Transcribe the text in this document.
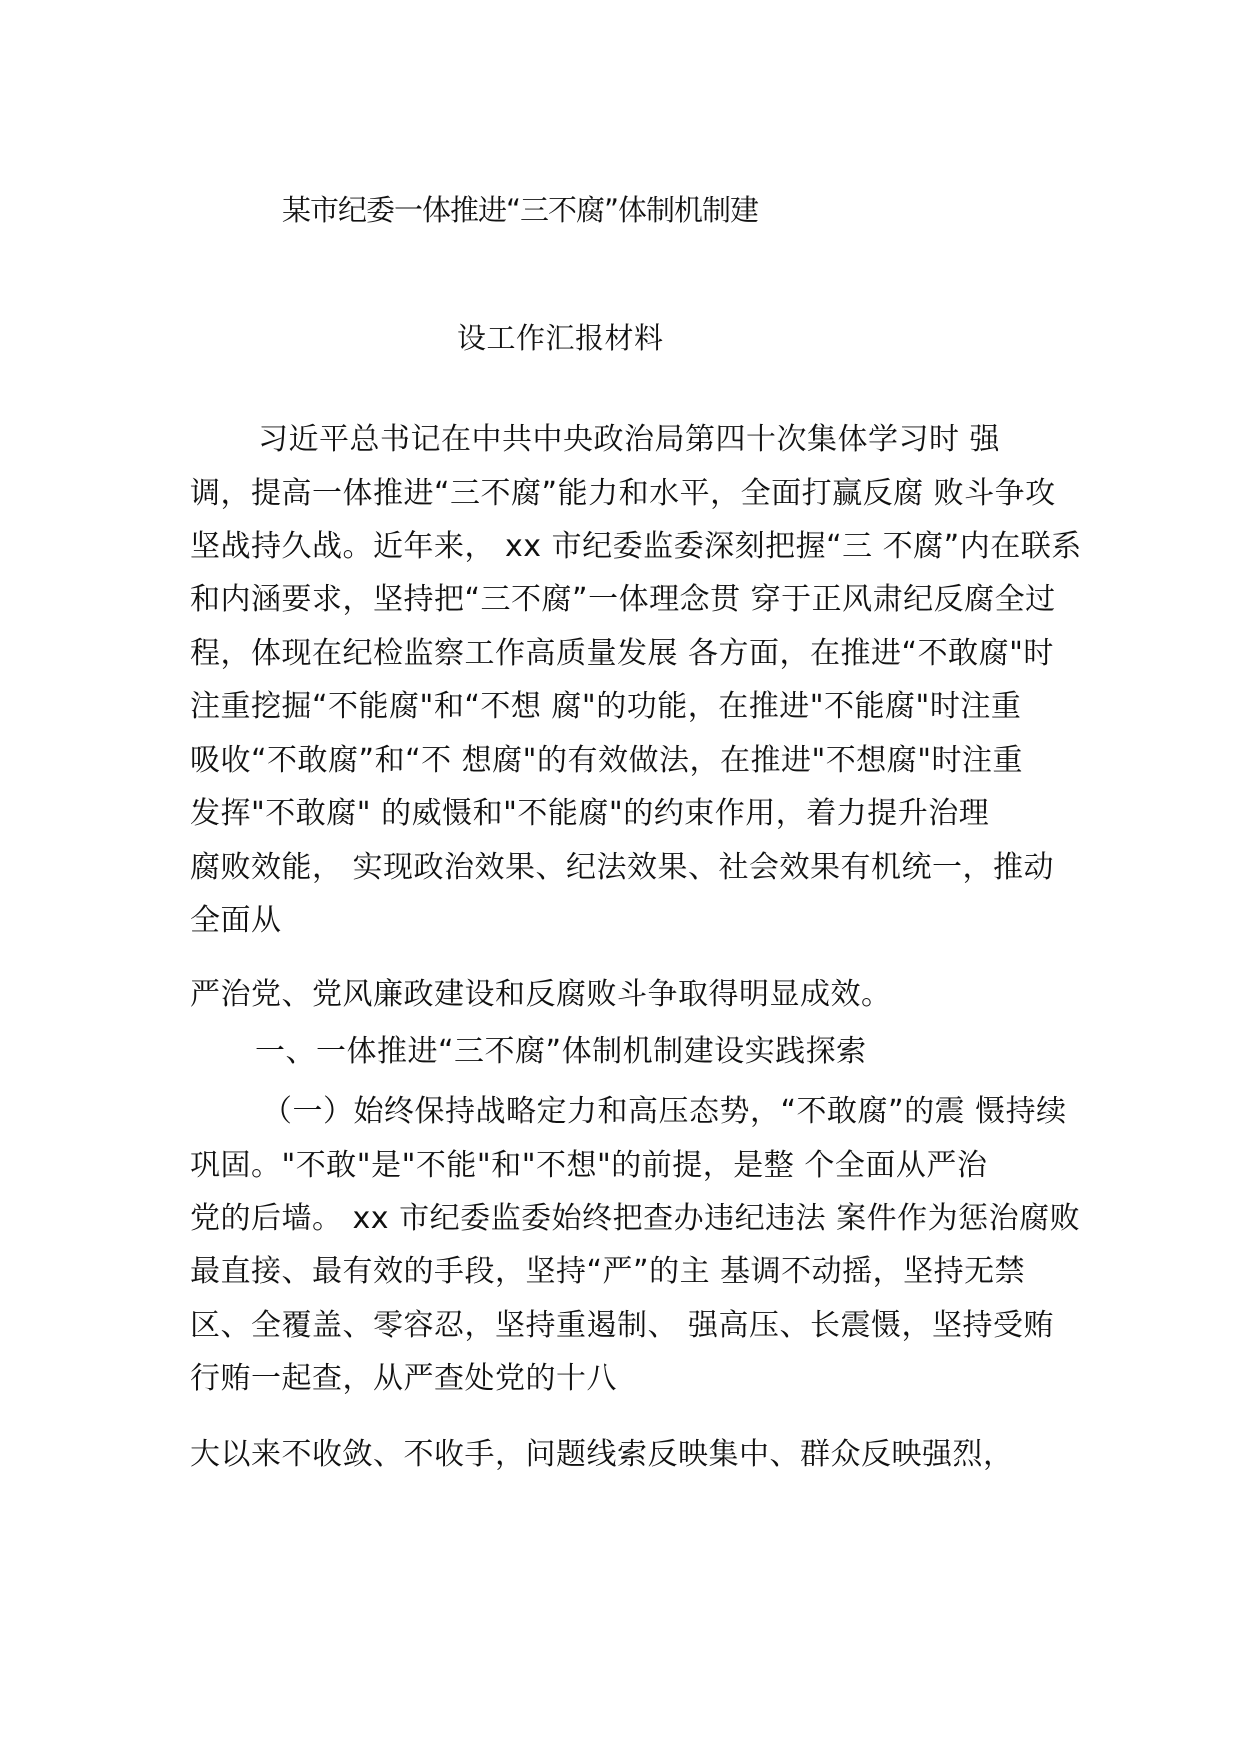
某市纪委一体推进“三不腐”体制机制建
设工作汇报材料
习近平总书记在中共中央政治局第四十次集体学习时 强
调，提高一体推进“三不腐”能力和水平，全面打赢反腐 败斗争攻
坚战持久战。近年来， xx 市纪委监委深刻把握“三 不腐”内在联系
和内涵要求，坚持把“三不腐”一体理念贯 穿于正风肃纪反腐全过
程，体现在纪检监察工作高质量发展 各方面，在推进“不敢腐"时
注重挖掘“不能腐"和“不想 腐"的功能，在推进"不能腐"时注重
吸收“不敢腐”和“不 想腐"的有效做法，在推进"不想腐"时注重
发挥"不敢腐" 的威慑和"不能腐"的约束作用，着力提升治理
腐败效能， 实现政治效果、纪法效果、社会效果有机统一，推动
全面从
严治党、党风廉政建设和反腐败斗争取得明显成效。
一、一体推进“三不腐”体制机制建设实践探索
（一）始终保持战略定力和高压态势，“不敢腐”的震 慑持续
巩固。"不敢"是"不能"和"不想"的前提，是整 个全面从严治
党的后墙。 xx 市纪委监委始终把查办违纪违法 案件作为惩治腐败
最直接、最有效的手段，坚持“严”的主 基调不动摇，坚持无禁
区、全覆盖、零容忍，坚持重遏制、 强高压、长震慑，坚持受贿
行贿一起查，从严查处党的十八
大以来不收敛、不收手，问题线索反映集中、群众反映强烈，
